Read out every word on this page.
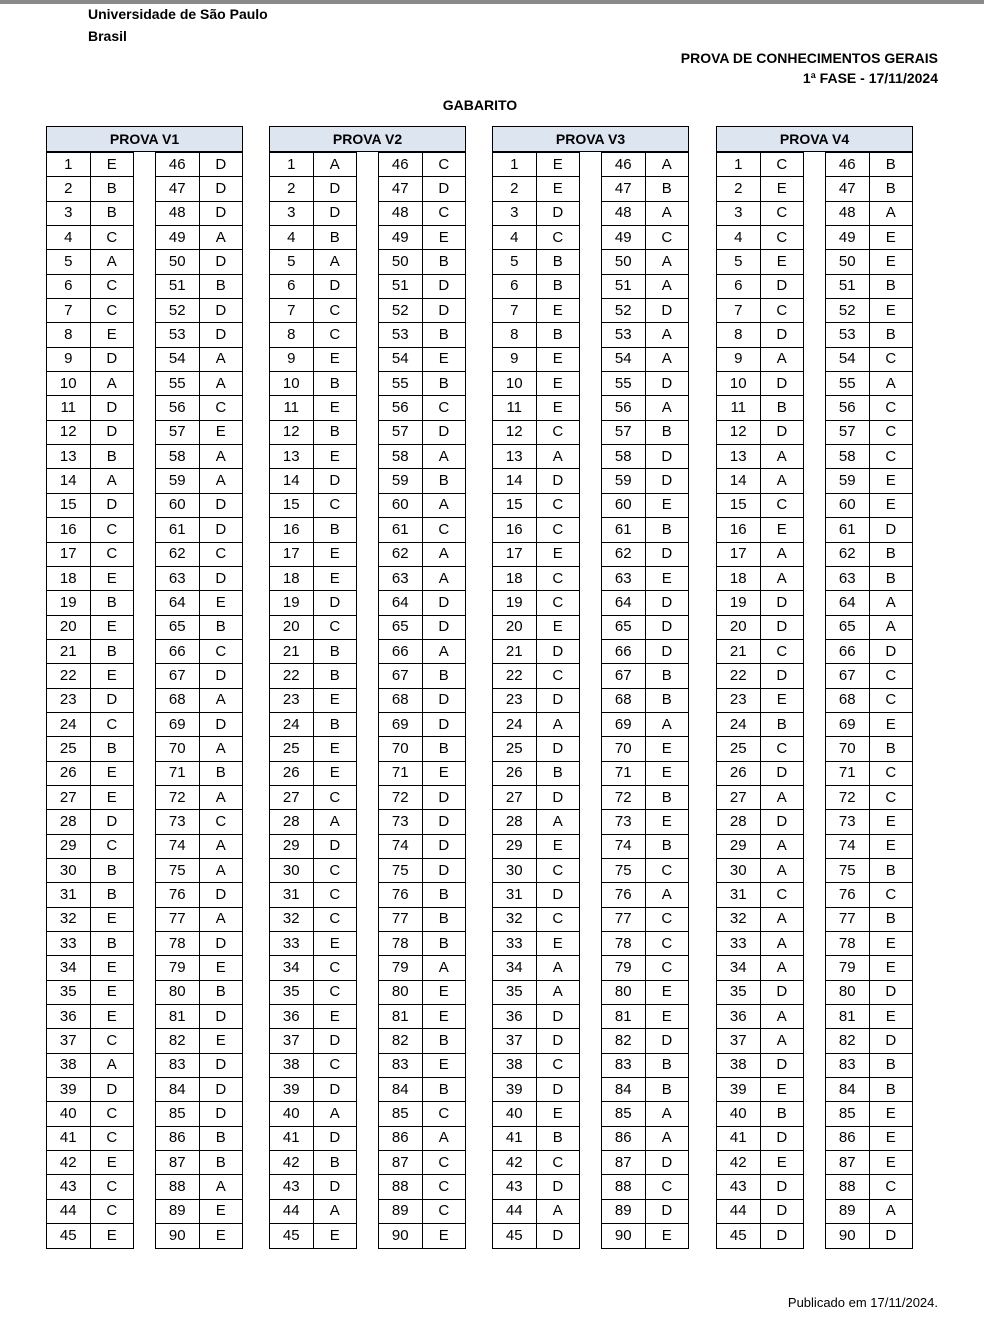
Universidade de São Paulo
Brasil
PROVA DE CONHECIMENTOS GERAIS
1ª FASE - 17/11/2024
GABARITO
PROVA V1
1	E
2	B
3	B
4	C
5	A
6	C
7	C
8	E
9	D
10	A
11	D
12	D
13	B
14	A
15	D
16	C
17	C
18	E
19	B
20	E
21	B
22	E
23	D
24	C
25	B
26	E
27	E
28	D
29	C
30	B
31	B
32	E
33	B
34	E
35	E
36	E
37	C
38	A
39	D
40	C
41	C
42	E
43	C
44	C
45	E
46	D
47	D
48	D
49	A
50	D
51	B
52	D
53	D
54	A
55	A
56	C
57	E
58	A
59	A
60	D
61	D
62	C
63	D
64	E
65	B
66	C
67	D
68	A
69	D
70	A
71	B
72	A
73	C
74	A
75	A
76	D
77	A
78	D
79	E
80	B
81	D
82	E
83	D
84	D
85	D
86	B
87	B
88	A
89	E
90	E
PROVA V2
1	A
2	D
3	D
4	B
5	A
6	D
7	C
8	C
9	E
10	B
11	E
12	B
13	E
14	D
15	C
16	B
17	E
18	E
19	D
20	C
21	B
22	B
23	E
24	B
25	E
26	E
27	C
28	A
29	D
30	C
31	C
32	C
33	E
34	C
35	C
36	E
37	D
38	C
39	D
40	A
41	D
42	B
43	D
44	A
45	E
46	C
47	D
48	C
49	E
50	B
51	D
52	D
53	B
54	E
55	B
56	C
57	D
58	A
59	B
60	A
61	C
62	A
63	A
64	D
65	D
66	A
67	B
68	D
69	D
70	B
71	E
72	D
73	D
74	D
75	D
76	B
77	B
78	B
79	A
80	E
81	E
82	B
83	E
84	B
85	C
86	A
87	C
88	C
89	C
90	E
PROVA V3
1	E
2	E
3	D
4	C
5	B
6	B
7	E
8	B
9	E
10	E
11	E
12	C
13	A
14	D
15	C
16	C
17	E
18	C
19	C
20	E
21	D
22	C
23	D
24	A
25	D
26	B
27	D
28	A
29	E
30	C
31	D
32	C
33	E
34	A
35	A
36	D
37	D
38	C
39	D
40	E
41	B
42	C
43	D
44	A
45	D
46	A
47	B
48	A
49	C
50	A
51	A
52	D
53	A
54	A
55	D
56	A
57	B
58	D
59	D
60	E
61	B
62	D
63	E
64	D
65	D
66	D
67	B
68	B
69	A
70	E
71	E
72	B
73	E
74	B
75	C
76	A
77	C
78	C
79	C
80	E
81	E
82	D
83	B
84	B
85	A
86	A
87	D
88	C
89	D
90	E
PROVA V4
1	C
2	E
3	C
4	C
5	E
6	D
7	C
8	D
9	A
10	D
11	B
12	D
13	A
14	A
15	C
16	E
17	A
18	A
19	D
20	D
21	C
22	D
23	E
24	B
25	C
26	D
27	A
28	D
29	A
30	A
31	C
32	A
33	A
34	A
35	D
36	A
37	A
38	D
39	E
40	B
41	D
42	E
43	D
44	D
45	D
46	B
47	B
48	A
49	E
50	E
51	B
52	E
53	B
54	C
55	A
56	C
57	C
58	C
59	E
60	E
61	D
62	B
63	B
64	A
65	A
66	D
67	C
68	C
69	E
70	B
71	C
72	C
73	E
74	E
75	B
76	C
77	B
78	E
79	E
80	D
81	E
82	D
83	B
84	B
85	E
86	E
87	E
88	C
89	A
90	D
Publicado em 17/11/2024.
